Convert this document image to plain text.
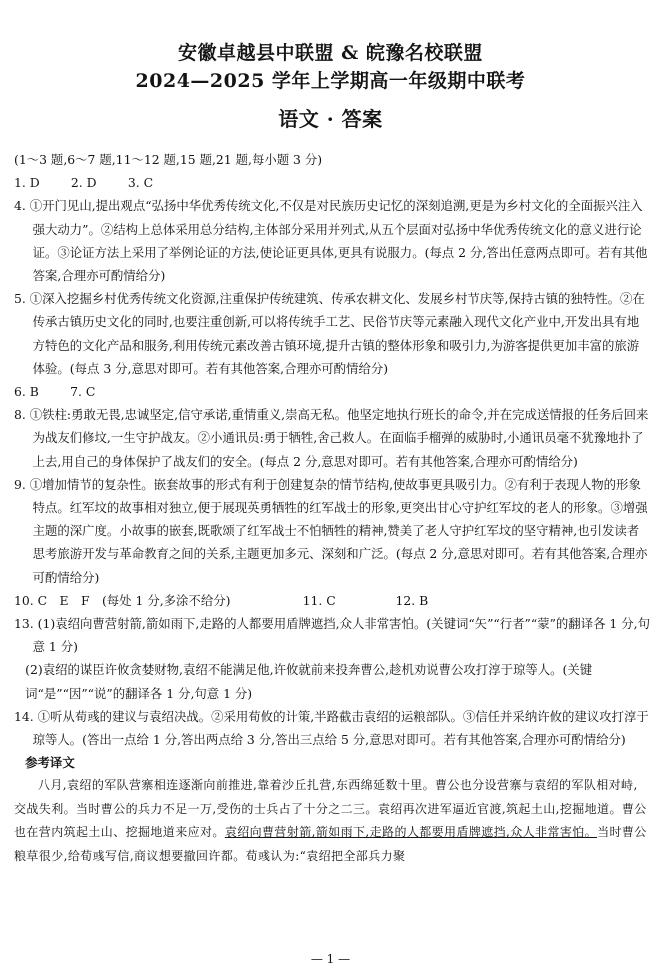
安徽卓越县中联盟 & 皖豫名校联盟
2024—2025 学年上学期高一年级期中联考
语文 · 答案

(1～3 题,6～7 题,11～12 题,15 题,21 题,每小题 3 分)

1. D	2. D	3. C

4. ①开门见山,提出观点“弘扬中华优秀传统文化,不仅是对民族历史记忆的深刻追溯,更是为乡村文化的全面振兴注入强大动力”。②结构上总体采用总分结构,主体部分采用并列式,从五个层面对弘扬中华优秀传统文化的意义进行论证。③论证方法上采用了举例论证的方法,使论证更具体,更具有说服力。(每点 2 分,答出任意两点即可。若有其他答案,合理亦可酌情给分)

5. ①深入挖掘乡村优秀传统文化资源,注重保护传统建筑、传承农耕文化、发展乡村节庆等,保持古镇的独特性。②在传承古镇历史文化的同时,也要注重创新,可以将传统手工艺、民俗节庆等元素融入现代文化产业中,开发出具有地方特色的文化产品和服务,利用传统元素改善古镇环境,提升古镇的整体形象和吸引力,为游客提供更加丰富的旅游体验。(每点 3 分,意思对即可。若有其他答案,合理亦可酌情给分)

6. B	7. C

8. ①铁柱:勇敢无畏,忠诚坚定,信守承诺,重情重义,崇高无私。他坚定地执行班长的命令,并在完成送情报的任务后回来为战友们修坟,一生守护战友。②小通讯员:勇于牺牲,舍己救人。在面临手榴弹的威胁时,小通讯员毫不犹豫地扑了上去,用自己的身体保护了战友们的安全。(每点 2 分,意思对即可。若有其他答案,合理亦可酌情给分)

9. ①增加情节的复杂性。嵌套故事的形式有利于创建复杂的情节结构,使故事更具吸引力。②有利于表现人物的形象特点。红军坟的故事相对独立,便于展现英勇牺牲的红军战士的形象,更突出甘心守护红军坟的老人的形象。③增强主题的深广度。小故事的嵌套,既歌颂了红军战士不怕牺牲的精神,赞美了老人守护红军坟的坚守精神,也引发读者思考旅游开发与革命教育之间的关系,主题更加多元、深刻和广泛。(每点 2 分,意思对即可。若有其他答案,合理亦可酌情给分)

10. C　E　F　(每处 1 分,多涂不给分)	11. C	12. B

13. (1)袁绍向曹营射箭,箭如雨下,走路的人都要用盾牌遮挡,众人非常害怕。(关键词“矢”“行者”“蒙”的翻译各 1 分,句意 1 分)

(2)袁绍的谋臣许攸贪婪财物,袁绍不能满足他,许攸就前来投奔曹公,趁机劝说曹公攻打淳于琼等人。(关键词“是”“因”“说”的翻译各 1 分,句意 1 分)

14. ①听从荀彧的建议与袁绍决战。②采用荀攸的计策,半路截击袁绍的运粮部队。③信任并采纳许攸的建议攻打淳于琼等人。(答出一点给 1 分,答出两点给 3 分,答出三点给 5 分,意思对即可。若有其他答案,合理亦可酌情给分)

参考译文

八月,袁绍的军队营寨相连逐渐向前推进,靠着沙丘扎营,东西绵延数十里。曹公也分设营寨与袁绍的军队相对峙,交战失利。当时曹公的兵力不足一万,受伤的士兵占了十分之二三。袁绍再次进军逼近官渡,筑起土山,挖掘地道。曹公也在营内筑起土山、挖掘地道来应对。袁绍向曹营射箭,箭如雨下,走路的人都要用盾牌遮挡,众人非常害怕。当时曹公粮草很少,给荀彧写信,商议想要撤回许都。荀彧认为:“袁绍把全部兵力聚

— 1 —
